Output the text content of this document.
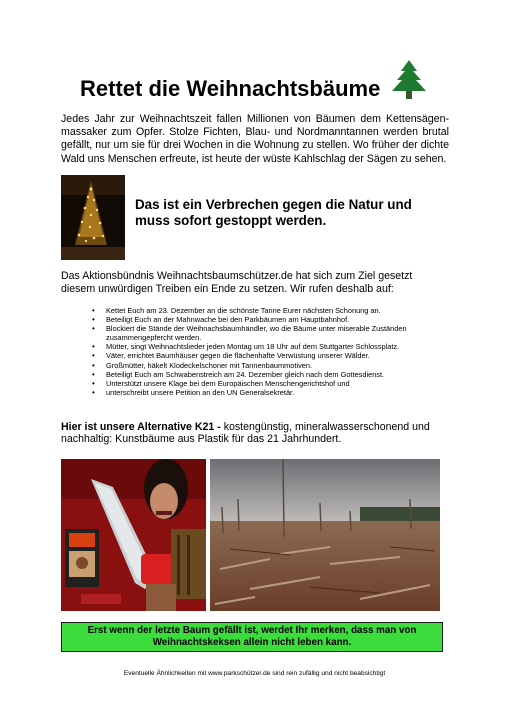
Rettet die Weihnachtsbäume
Jedes Jahr zur Weihnachtszeit fallen Millionen von Bäumen dem Kettensägen-massaker zum Opfer. Stolze Fichten, Blau- und Nordmanntannen werden brutal gefällt, nur um sie für drei Wochen in die Wohnung zu stellen. Wo früher der dichte Wald uns Menschen erfreute, ist heute der wüste Kahlschlag der Sägen zu sehen.
Das ist ein Verbrechen gegen die Natur und muss sofort gestoppt werden.
Das Aktionsbündnis Weihnachtsbaumschützer.de hat sich zum Ziel gesetzt diesem unwürdigen Treiben ein Ende zu setzen. Wir rufen deshalb auf:
• Kettet Euch am 23. Dezember an die schönste Tanne Eurer nächsten Schonung an.
• Beteiligt Euch an der Mahnwache bei den Parkbäumen am Hauptbahnhof.
• Blockiert die Stände der Weihnachsbaumhändler, wo die Bäume unter miserable Zuständen zusammengepfercht werden.
• Mütter, singt Weihnachtslieder jeden Montag um 18 Uhr auf dem Stuttgarter Schlossplatz.
• Väter, errichtet Baumhäuser gegen die flächenhafte Verwüstung unserer Wälder.
• Großmütter, häkelt Klodeckelschoner mit Tannenbaummotiven.
• Beteiligt Euch am Schwabenstreich am 24. Dezember gleich nach dem Gottesdienst.
• Unterstützt unsere Klage bei dem Europäischen Menschengerichtshof und
• unterschreibt unsere Petition an den UN Generalsekretär.
Hier ist unsere Alternative K21 - kostengünstig, mineralwasserschonend und nachhaltig: Kunstbäume aus Plastik für das 21 Jahrhundert.
Erst wenn der letzte Baum gefällt ist, werdet Ihr merken, dass man von Weihnachtskeksen allein nicht leben kann.
Eventuelle Ähnlichkeiten mit www.parkschützer.de sind rein zufällig und nicht beabsichtigt
